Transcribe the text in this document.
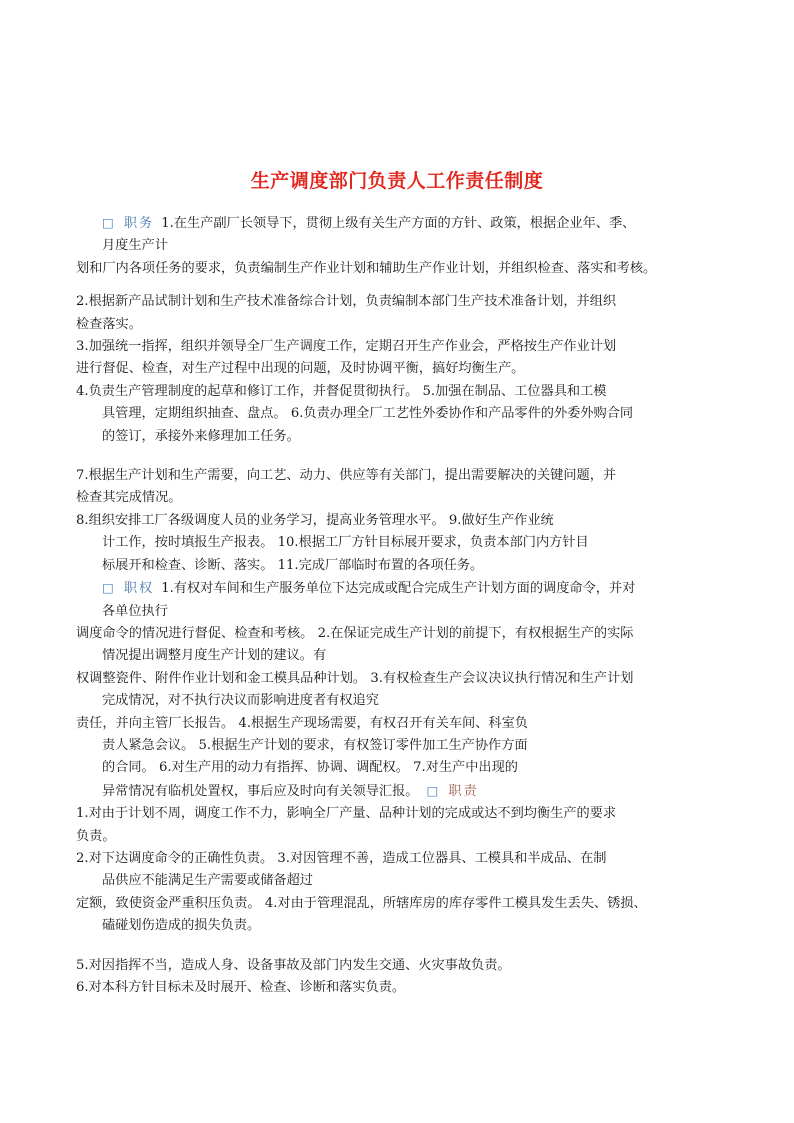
生产调度部门负责人工作责任制度

□ 职务 1.在生产副厂长领导下，贯彻上级有关生产方面的方针、政策，根据企业年、季、

月度生产计

划和厂内各项任务的要求，负责编制生产作业计划和辅助生产作业计划，并组织检查、落实和考核。

2.根据新产品试制计划和生产技术准备综合计划，负责编制本部门生产技术准备计划，并组织

检查落实。

3.加强统一指挥，组织并领导全厂生产调度工作，定期召开生产作业会，严格按生产作业计划

进行督促、检查，对生产过程中出现的问题，及时协调平衡，搞好均衡生产。

4.负责生产管理制度的起草和修订工作，并督促贯彻执行。 5.加强在制品、工位器具和工模

具管理，定期组织抽查、盘点。 6.负责办理全厂工艺性外委协作和产品零件的外委外购合同

的签订，承接外来修理加工任务。

7.根据生产计划和生产需要，向工艺、动力、供应等有关部门，提出需要解决的关键问题，并

检查其完成情况。

8.组织安排工厂各级调度人员的业务学习，提高业务管理水平。 9.做好生产作业统

计工作，按时填报生产报表。 10.根据工厂方针目标展开要求，负责本部门内方针目

标展开和检查、诊断、落实。 11.完成厂部临时布置的各项任务。

□ 职权 1.有权对车间和生产服务单位下达完成或配合完成生产计划方面的调度命令，并对

各单位执行

调度命令的情况进行督促、检查和考核。 2.在保证完成生产计划的前提下，有权根据生产的实际

情况提出调整月度生产计划的建议。有

权调整瓷件、附件作业计划和金工模具品种计划。 3.有权检查生产会议决议执行情况和生产计划

完成情况，对不执行决议而影响进度者有权追究

责任，并向主管厂长报告。 4.根据生产现场需要，有权召开有关车间、科室负

责人紧急会议。 5.根据生产计划的要求，有权签订零件加工生产协作方面

的合同。 6.对生产用的动力有指挥、协调、调配权。 7.对生产中出现的

异常情况有临机处置权，事后应及时向有关领导汇报。 □ 职责

1.对由于计划不周，调度工作不力，影响全厂产量、品种计划的完成或达不到均衡生产的要求

负责。

2.对下达调度命令的正确性负责。 3.对因管理不善，造成工位器具、工模具和半成品、在制

品供应不能满足生产需要或储备超过

定额，致使资金严重积压负责。 4.对由于管理混乱，所辖库房的库存零件工模具发生丢失、锈损、

磕碰划伤造成的损失负责。

5.对因指挥不当，造成人身、设备事故及部门内发生交通、火灾事故负责。

6.对本科方针目标未及时展开、检查、诊断和落实负责。
